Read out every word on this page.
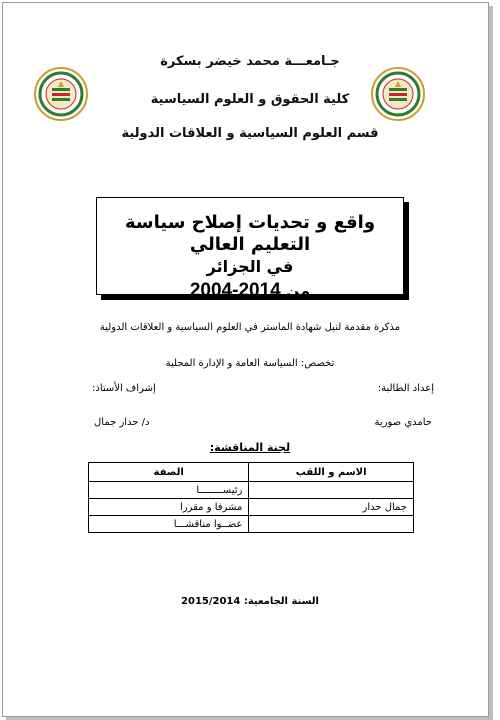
جـامعـــة محمد خيضر بسكرة
كلية الحقوق و العلوم السياسية
قسم العلوم السياسية و العلاقات الدولية
واقع و تحديات إصلاح سياسة التعليم العالي
في الجزائر
من 2014-2004
مذكرة مقدمة لنيل شهادة الماستر في العلوم السياسية و العلاقات الدولية
تخصص: السياسة العامة و الإدارة المحلية
إعداد الطالبة:
حامدي صورية
إشراف الأستاذ:
د/ حدار جمال
لجنة المناقشة:
الاسم و اللقب	الصفة
	رئيســــــــا
جمال حدار	مشرفا و مقررا
	عضــوا مناقشـــا
السنة الجامعية: 2015/2014
